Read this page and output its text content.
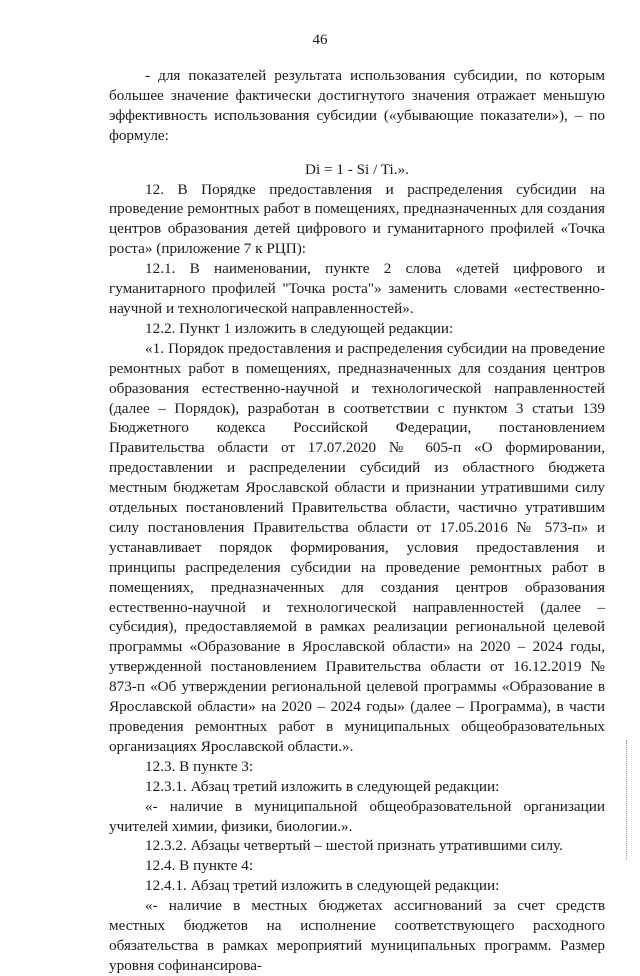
46

- для показателей результата использования субсидии, по которым большее значение фактически достигнутого значения отражает меньшую эффективность использования субсидии («убывающие показатели»), – по формуле:

Di = 1 - Si / Ti.».

12. В Порядке предоставления и распределения субсидии на проведение ремонтных работ в помещениях, предназначенных для создания центров образования детей цифрового и гуманитарного профилей «Точка роста» (приложение 7 к РЦП):

12.1. В наименовании, пункте 2 слова «детей цифрового и гуманитарного профилей "Точка роста"» заменить словами «естественно-научной и технологической направленностей».

12.2. Пункт 1 изложить в следующей редакции:

«1. Порядок предоставления и распределения субсидии на проведение ремонтных работ в помещениях, предназначенных для создания центров образования естественно-научной и технологической направленностей (далее – Порядок), разработан в соответствии с пунктом 3 статьи 139 Бюджетного кодекса Российской Федерации, постановлением Правительства области от 17.07.2020 № 605-п «О формировании, предоставлении и распределении субсидий из областного бюджета местным бюджетам Ярославской области и признании утратившими силу отдельных постановлений Правительства области, частично утратившим силу постановления Правительства области от 17.05.2016 № 573-п» и устанавливает порядок формирования, условия предоставления и принципы распределения субсидии на проведение ремонтных работ в помещениях, предназначенных для создания центров образования естественно-научной и технологической направленностей (далее – субсидия), предоставляемой в рамках реализации региональной целевой программы «Образование в Ярославской области» на 2020 – 2024 годы, утвержденной постановлением Правительства области от 16.12.2019 № 873-п «Об утверждении региональной целевой программы «Образование в Ярославской области» на 2020 – 2024 годы» (далее – Программа), в части проведения ремонтных работ в муниципальных общеобразовательных организациях Ярославской области.».

12.3. В пункте 3:

12.3.1. Абзац третий изложить в следующей редакции:

«- наличие в муниципальной общеобразовательной организации учителей химии, физики, биологии.».

12.3.2. Абзацы четвертый – шестой признать утратившими силу.

12.4. В пункте 4:

12.4.1. Абзац третий изложить в следующей редакции:

«- наличие в местных бюджетах ассигнований за счет средств местных бюджетов на исполнение соответствующего расходного обязательства в рамках мероприятий муниципальных программ. Размер уровня софинансирова-
